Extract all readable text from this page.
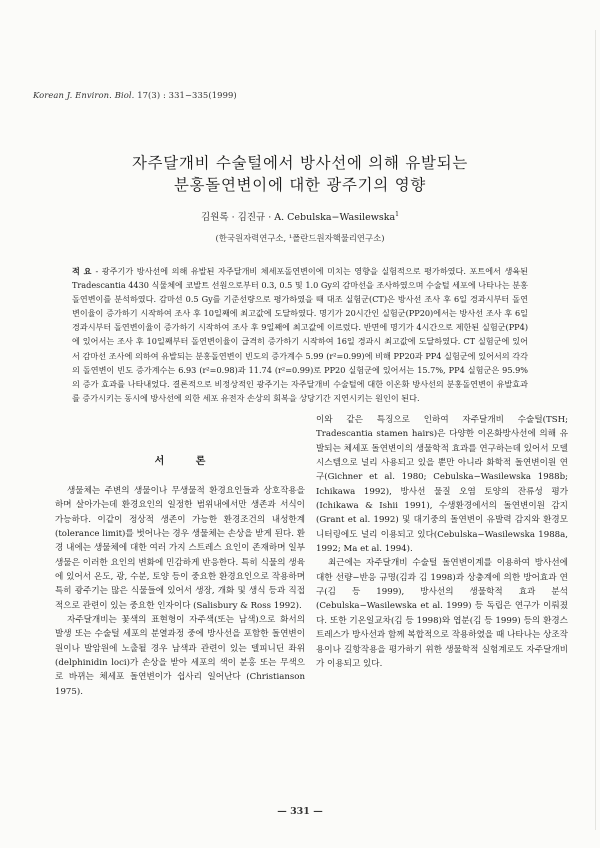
Korean J. Environ. Biol. 17(3) : 331−335(1999)
자주달개비 수술털에서 방사선에 의해 유발되는
분홍돌연변이에 대한 광주기의 영향
김원록 · 김진규 · A. Cebulska−Wasilewska$^1$
(한국원자력연구소, ¹폴란드원자핵물리연구소)
적 요 - 광주기가 방사선에 의해 유발된 자주달개비 체세포돌연변이에 미치는 영향을 실험적으로 평가하였다. 포트에서 생육된 Tradescantia 4430 식물체에 코발트 선원으로부터 0.3, 0.5 및 1.0 Gy의 감마선을 조사하였으며 수술털 세포에 나타나는 분홍돌연변이를 분석하였다. 감마선 0.5 Gy를 기준선량으로 평가하였을 때 대조 실험군(CT)은 방사선 조사 후 6일 경과시부터 돌연변이율이 증가하기 시작하여 조사 후 10일째에 최고값에 도달하였다. 명기가 20시간인 실험군(PP20)에서는 방사선 조사 후 6일 경과시부터 돌연변이율이 증가하기 시작하여 조사 후 9일째에 최고값에 이르렀다. 반면에 명기가 4시간으로 제한된 실험군(PP4)에 있어서는 조사 후 10일째부터 돌연변이율이 급격히 증가하기 시작하여 16일 경과시 최고값에 도달하였다. CT 실험군에 있어서 감마선 조사에 의하여 유발되는 분홍돌연변이 빈도의 증가계수 5.99 (r²=0.99)에 비해 PP20과 PP4 실험군에 있어서의 각각의 돌연변이 빈도 증가계수는 6.93 (r²=0.98)과 11.74 (r²=0.99)로 PP20 실험군에 있어서는 15.7%, PP4 실험군은 95.9%의 증가 효과를 나타내었다. 결론적으로 비정상적인 광주기는 자주달개비 수술털에 대한 이온화 방사선의 분홍돌연변이 유발효과를 증가시키는 동시에 방사선에 의한 세포 유전자 손상의 회복을 상당기간 지연시키는 원인이 된다.
서 론

생물체는 주변의 생물이나 무생물적 환경요인들과 상호작용을 하며 살아가는데 환경요인의 일정한 범위내에서만 생존과 서식이 가능하다. 이같이 정상적 생존이 가능한 환경조건의 내성한계(tolerance limit)를 벗어나는 경우 생물체는 손상을 받게 된다. 환경 내에는 생물체에 대한 여러 가지 스트레스 요인이 존재하며 일부 생물은 이러한 요인의 변화에 민감하게 반응한다. 특히 식물의 생육에 있어서 온도, 광, 수분, 토양 등이 중요한 환경요인으로 작용하며 특히 광주기는 많은 식물들에 있어서 생장, 개화 및 생식 등과 직접적으로 관련이 있는 중요한 인자이다 (Salisbury & Ross 1992).

자주달개비는 꽃색의 표현형이 자주색(또는 남색)으로 화서의 발생 또는 수술털 세포의 분열과정 중에 방사선을 포함한 돌연변이원이나 발암원에 노출될 경우 남색과 관련이 있는 델피니딘 좌위(delphinidin loci)가 손상을 받아 세포의 색이 분홍 또는 무색으로 바뀌는 체세포 돌연변이가 쉽사리 일어난다 (Christianson 1975).

이와 같은 특징으로 인하여 자주달개비 수술털(TSH; Tradescantia stamen hairs)은 다양한 이온화방사선에 의해 유발되는 체세포 돌연변이의 생물학적 효과를 연구하는데 있어서 모델 시스템으로 널리 사용되고 있을 뿐만 아니라 화학적 돌연변이원 연구(Gichner et al. 1980; Cebulska−Wasilewska 1988b; Ichikawa 1992), 방사선 물질 오염 토양의 잔류성 평가(Ichikawa & Ishii 1991), 수생환경에서의 돌연변이원 감지(Grant et al. 1992) 및 대기중의 돌연변이 유발력 감지와 환경모니터링에도 널리 이용되고 있다(Cebulska−Wasilewska 1988a, 1992; Ma et al. 1994).

최근에는 자주달개비 수술털 돌연변이계를 이용하여 방사선에 대한 선량−반응 규명(김과 김 1998)과 상충계에 의한 방어효과 연구(김 등 1999), 방사선의 생물학적 효과 분석(Cebulska−Wasilewska et al. 1999) 등 독립은 연구가 이뤄졌다. 또한 기온일교차(김 등 1998)와 엽분(김 등 1999) 등의 환경스트레스가 방사선과 함께 복합적으로 작용하였을 때 나타나는 상조작용이나 길항작용을 평가하기 위한 생물학적 실험계로도 자주달개비가 이용되고 있다.

— 331 —
